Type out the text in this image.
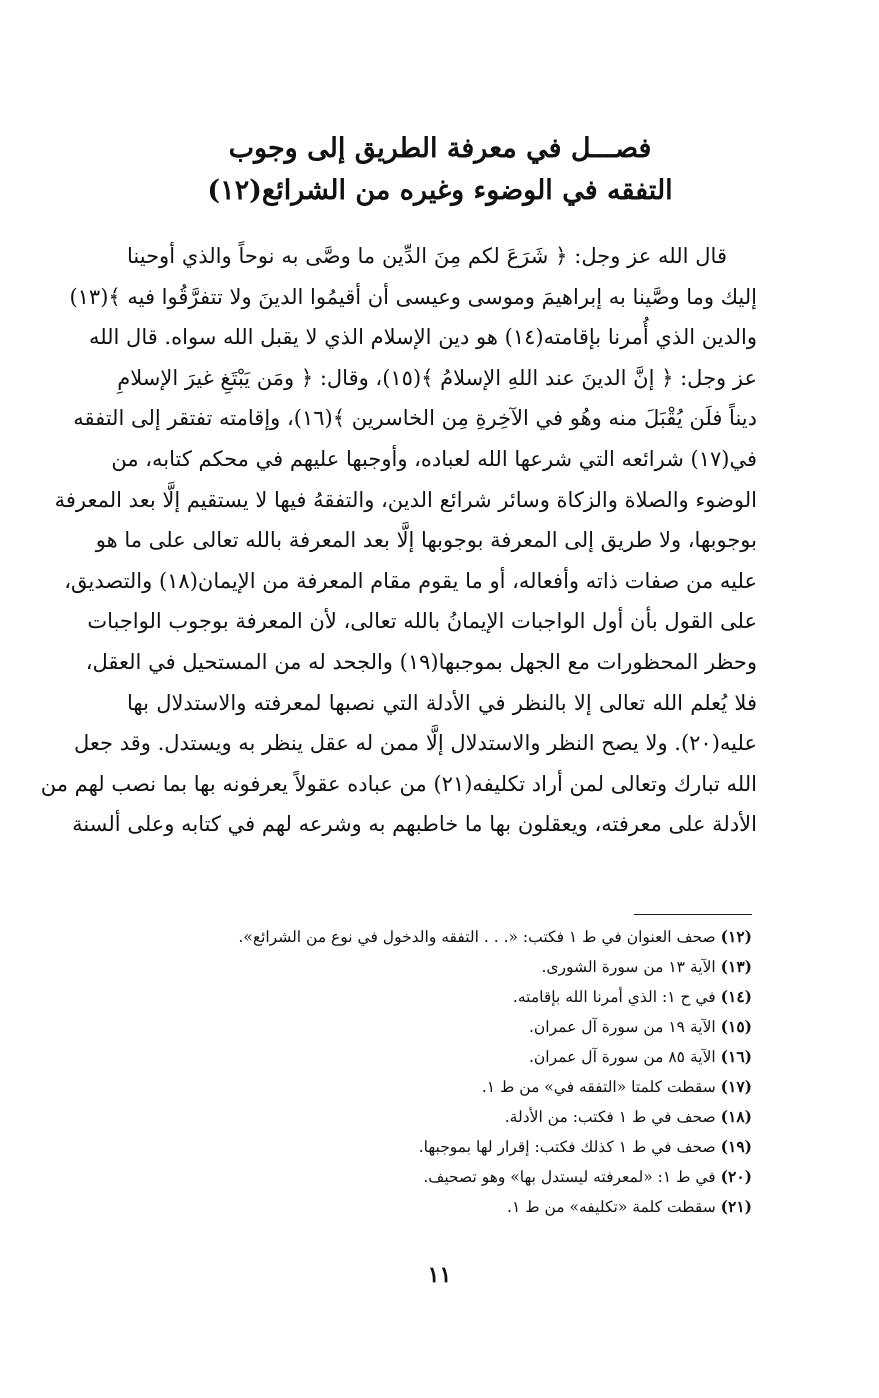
فصـــل في معرفة الطريق إلى وجوب
التفقه في الوضوء وغيره من الشرائع(١٢)
قال الله عز وجل: ﴿ شَرَعَ لكم مِنَ الدِّين ما وصَّى به نوحاً والذي أوحينا
إليك وما وصَّينا به إبراهيمَ وموسى وعيسى أن أقيمُوا الدينَ ولا تتفرَّقُوا فيه ﴾(١٣)
والدين الذي أُمرنا بإقامته(١٤) هو دين الإسلام الذي لا يقبل الله سواه. قال الله
عز وجل: ﴿ إنَّ الدينَ عند اللهِ الإسلامُ ﴾(١٥)، وقال: ﴿ ومَن يَبْتَغِ غيرَ الإسلامِ
ديناً فلَن يُقْبَلَ منه وهُو في الآخِرةِ مِن الخاسرين ﴾(١٦)، وإقامته تفتقر إلى التفقه
في(١٧) شرائعه التي شرعها الله لعباده، وأوجبها عليهم في محكم كتابه، من
الوضوء والصلاة والزكاة وسائر شرائع الدين، والتفقهُ فيها لا يستقيم إلَّا بعد المعرفة
بوجوبها، ولا طريق إلى المعرفة بوجوبها إلَّا بعد المعرفة بالله تعالى على ما هو
عليه من صفات ذاته وأفعاله، أو ما يقوم مقام المعرفة من الإيمان(١٨) والتصديق،
على القول بأن أول الواجبات الإيمانُ بالله تعالى، لأن المعرفة بوجوب الواجبات
وحظر المحظورات مع الجهل بموجبها(١٩) والجحد له من المستحيل في العقل،
فلا يُعلم الله تعالى إلا بالنظر في الأدلة التي نصبها لمعرفته والاستدلال بها
عليه(٢٠). ولا يصح النظر والاستدلال إلَّا ممن له عقل ينظر به ويستدل. وقد جعل
الله تبارك وتعالى لمن أراد تكليفه(٢١) من عباده عقولاً يعرفونه بها بما نصب لهم من
الأدلة على معرفته، ويعقلون بها ما خاطبهم به وشرعه لهم في كتابه وعلى ألسنة
(١٢) صحف العنوان في ط ١ فكتب: «. . . التفقه والدخول في نوع من الشرائع».
(١٣) الآية ١٣ من سورة الشورى.
(١٤) في ح ١: الذي أمرنا الله بإقامته.
(١٥) الآية ١٩ من سورة آل عمران.
(١٦) الآية ٨٥ من سورة آل عمران.
(١٧) سقطت كلمتا «التفقه في» من ط ١.
(١٨) صحف في ط ١ فكتب: من الأدلة.
(١٩) صحف في ط ١ كذلك فكتب: إقرار لها بموجبها.
(٢٠) في ط ١: «لمعرفته ليستدل بها» وهو تصحيف.
(٢١) سقطت كلمة «تكليفه» من ط ١.
١١
